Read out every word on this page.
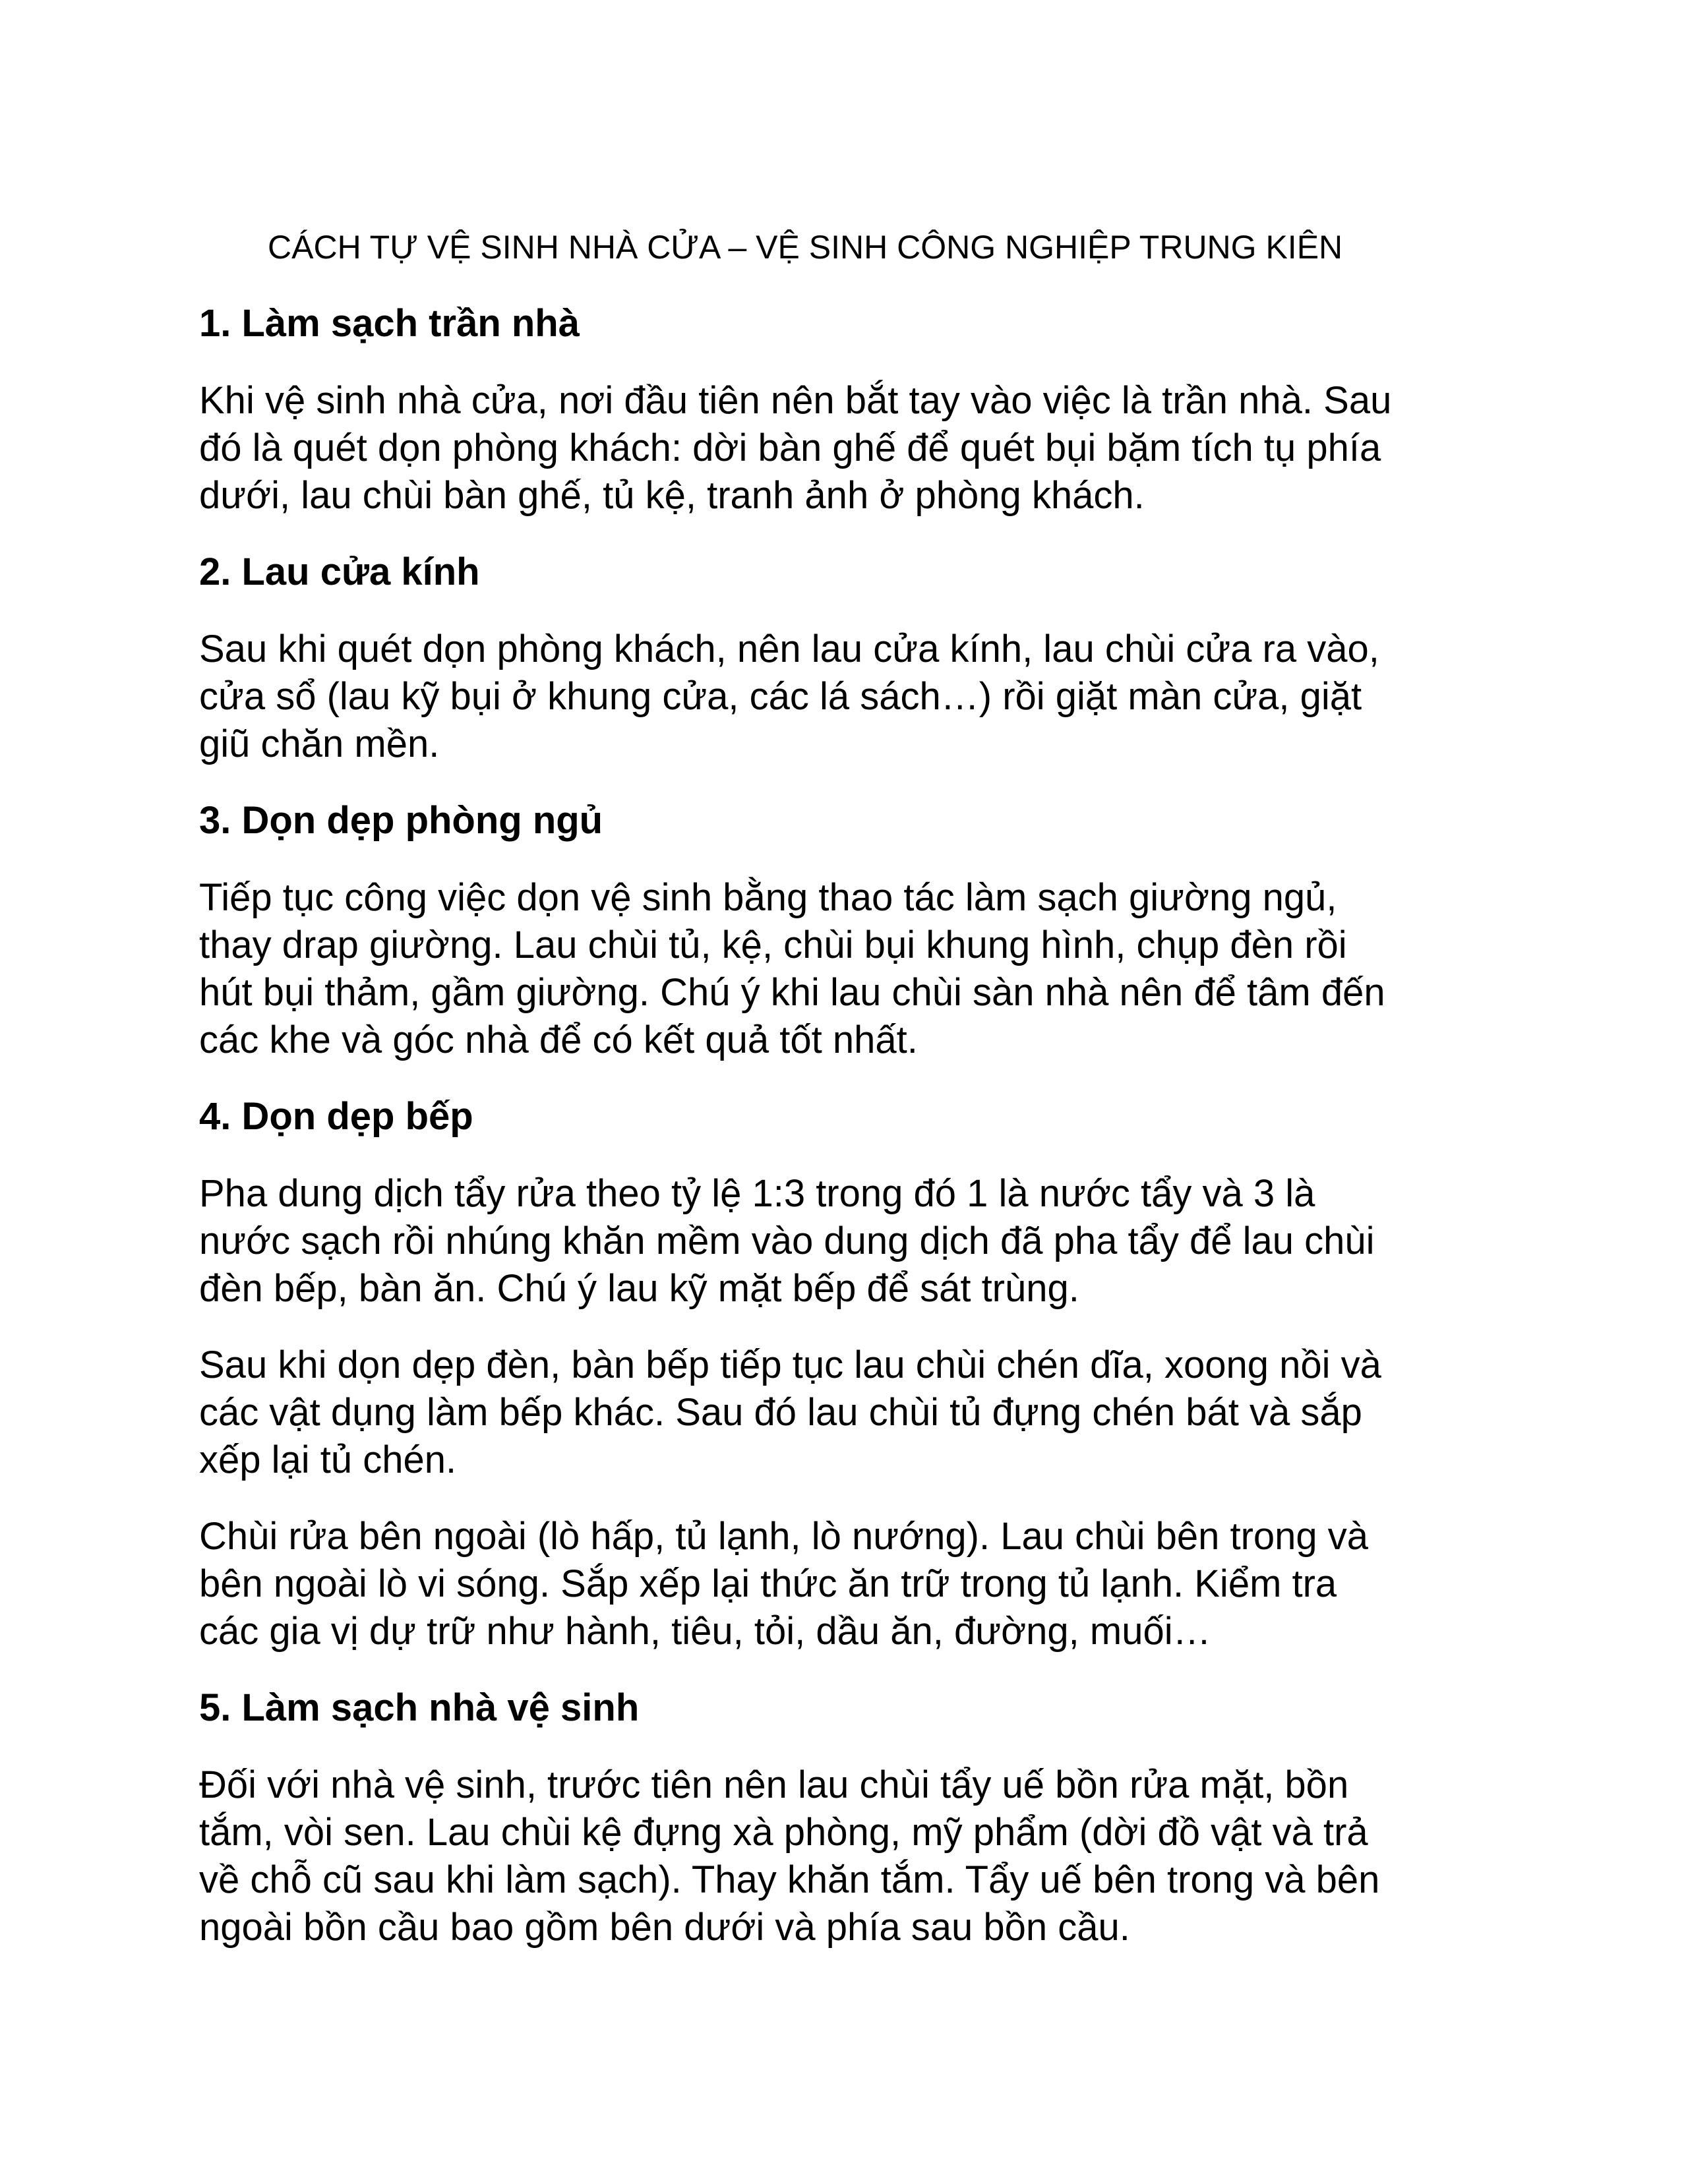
CÁCH TỰ VỆ SINH NHÀ CỬA – VỆ SINH CÔNG NGHIỆP TRUNG KIÊN
1. Làm sạch trần nhà

Khi vệ sinh nhà cửa, nơi đầu tiên nên bắt tay vào việc là trần nhà. Sau
đó là quét dọn phòng khách: dời bàn ghế để quét bụi bặm tích tụ phía
dưới, lau chùi bàn ghế, tủ kệ, tranh ảnh ở phòng khách.

2. Lau cửa kính

Sau khi quét dọn phòng khách, nên lau cửa kính, lau chùi cửa ra vào,
cửa sổ (lau kỹ bụi ở khung cửa, các lá sách…) rồi giặt màn cửa, giặt
giũ chăn mền.

3. Dọn dẹp phòng ngủ

Tiếp tục công việc dọn vệ sinh bằng thao tác làm sạch giường ngủ,
thay drap giường. Lau chùi tủ, kệ, chùi bụi khung hình, chụp đèn rồi
hút bụi thảm, gầm giường. Chú ý khi lau chùi sàn nhà nên để tâm đến
các khe và góc nhà để có kết quả tốt nhất.

4. Dọn dẹp bếp

Pha dung dịch tẩy rửa theo tỷ lệ 1:3 trong đó 1 là nước tẩy và 3 là
nước sạch rồi nhúng khăn mềm vào dung dịch đã pha tẩy để lau chùi
đèn bếp, bàn ăn. Chú ý lau kỹ mặt bếp để sát trùng.

Sau khi dọn dẹp đèn, bàn bếp tiếp tục lau chùi chén dĩa, xoong nồi và
các vật dụng làm bếp khác. Sau đó lau chùi tủ đựng chén bát và sắp
xếp lại tủ chén.

Chùi rửa bên ngoài (lò hấp, tủ lạnh, lò nướng). Lau chùi bên trong và
bên ngoài lò vi sóng. Sắp xếp lại thức ăn trữ trong tủ lạnh. Kiểm tra
các gia vị dự trữ như hành, tiêu, tỏi, dầu ăn, đường, muối…

5. Làm sạch nhà vệ sinh

Đối với nhà vệ sinh, trước tiên nên lau chùi tẩy uế bồn rửa mặt, bồn
tắm, vòi sen. Lau chùi kệ đựng xà phòng, mỹ phẩm (dời đồ vật và trả
về chỗ cũ sau khi làm sạch). Thay khăn tắm. Tẩy uế bên trong và bên
ngoài bồn cầu bao gồm bên dưới và phía sau bồn cầu.
